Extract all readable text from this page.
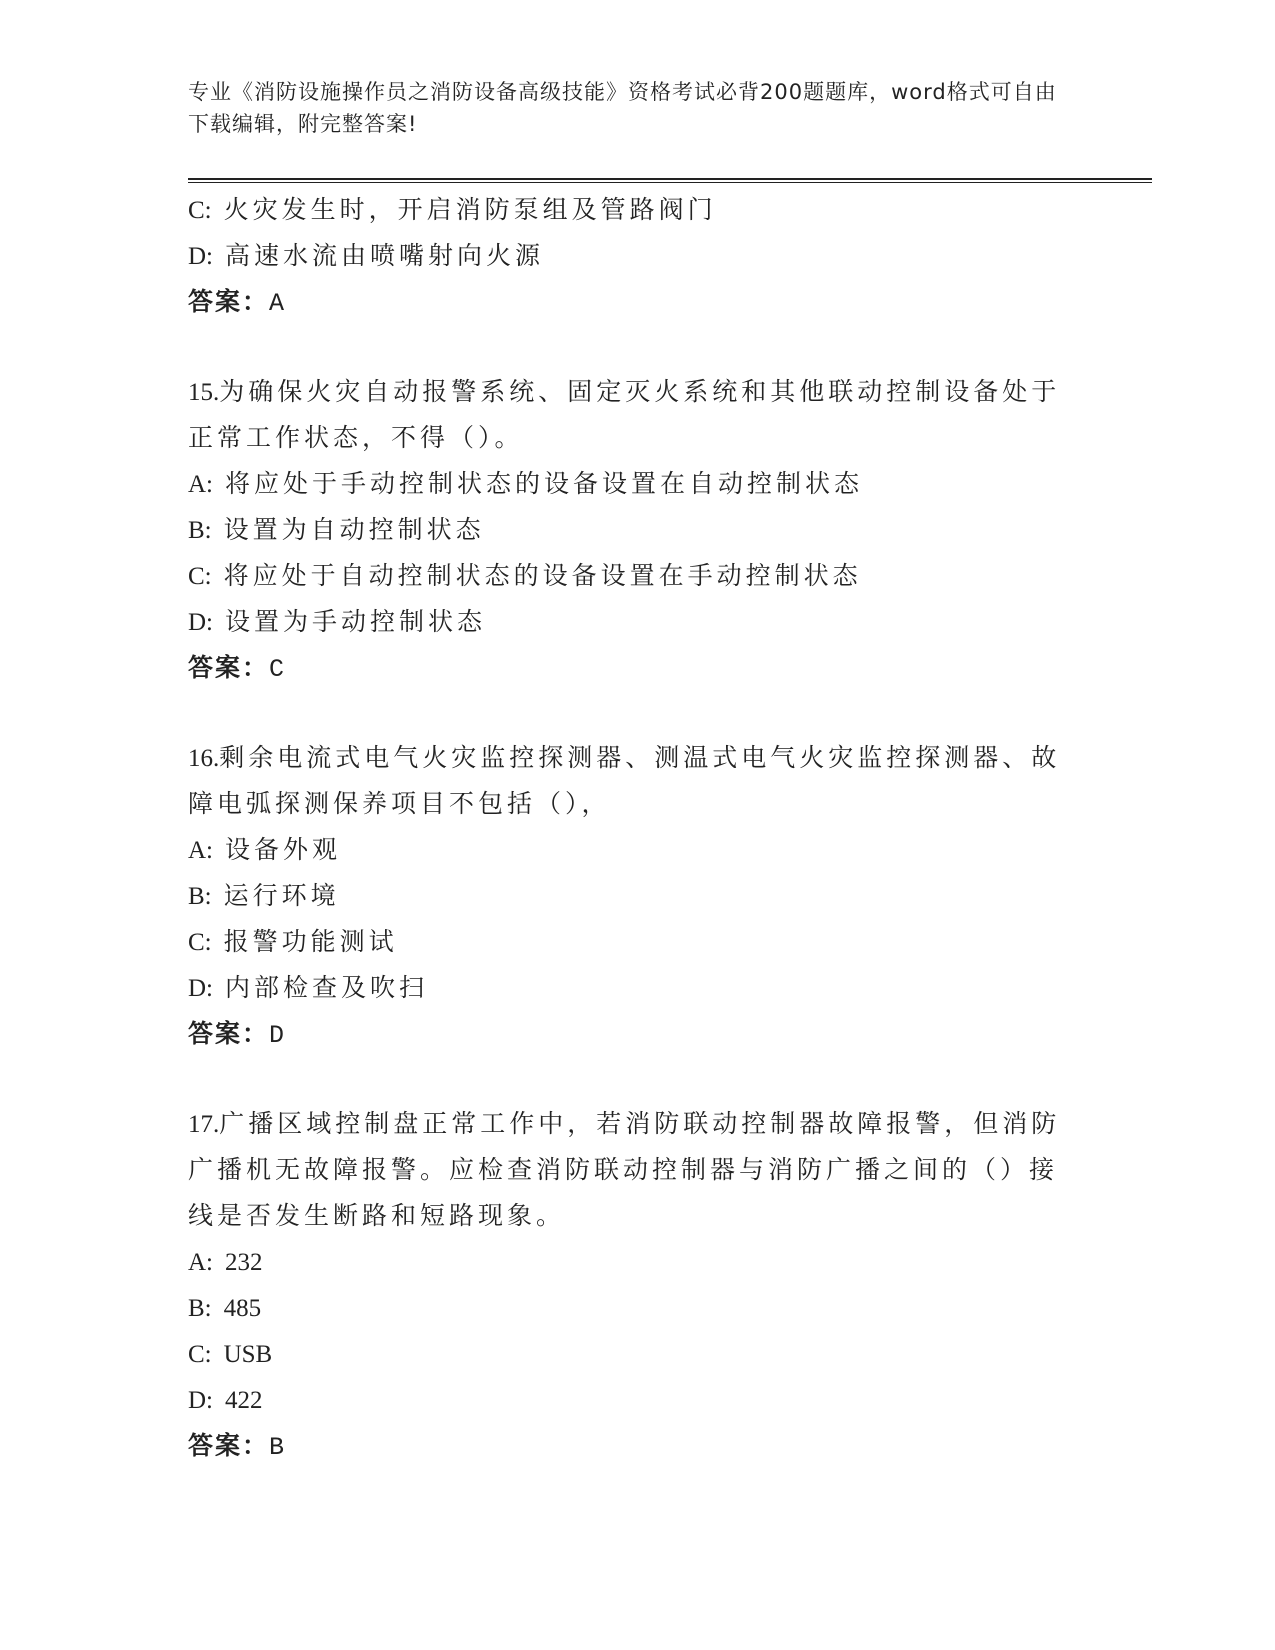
专业《消防设施操作员之消防设备高级技能》资格考试必背200题题库，word格式可自由下载编辑，附完整答案!
C: 火灾发生时，开启消防泵组及管路阀门
D: 高速水流由喷嘴射向火源
答案：A
15.为确保火灾自动报警系统、固定灭火系统和其他联动控制设备处于
正常工作状态，不得（）。
A: 将应处于手动控制状态的设备设置在自动控制状态
B: 设置为自动控制状态
C: 将应处于自动控制状态的设备设置在手动控制状态
D: 设置为手动控制状态
答案：C
16.剩余电流式电气火灾监控探测器、测温式电气火灾监控探测器、故
障电弧探测保养项目不包括（），
A: 设备外观
B: 运行环境
C: 报警功能测试
D: 内部检查及吹扫
答案：D
17.广播区域控制盘正常工作中，若消防联动控制器故障报警，但消防
广播机无故障报警。应检查消防联动控制器与消防广播之间的（）接
线是否发生断路和短路现象。
A: 232
B: 485
C: USB
D: 422
答案：B
